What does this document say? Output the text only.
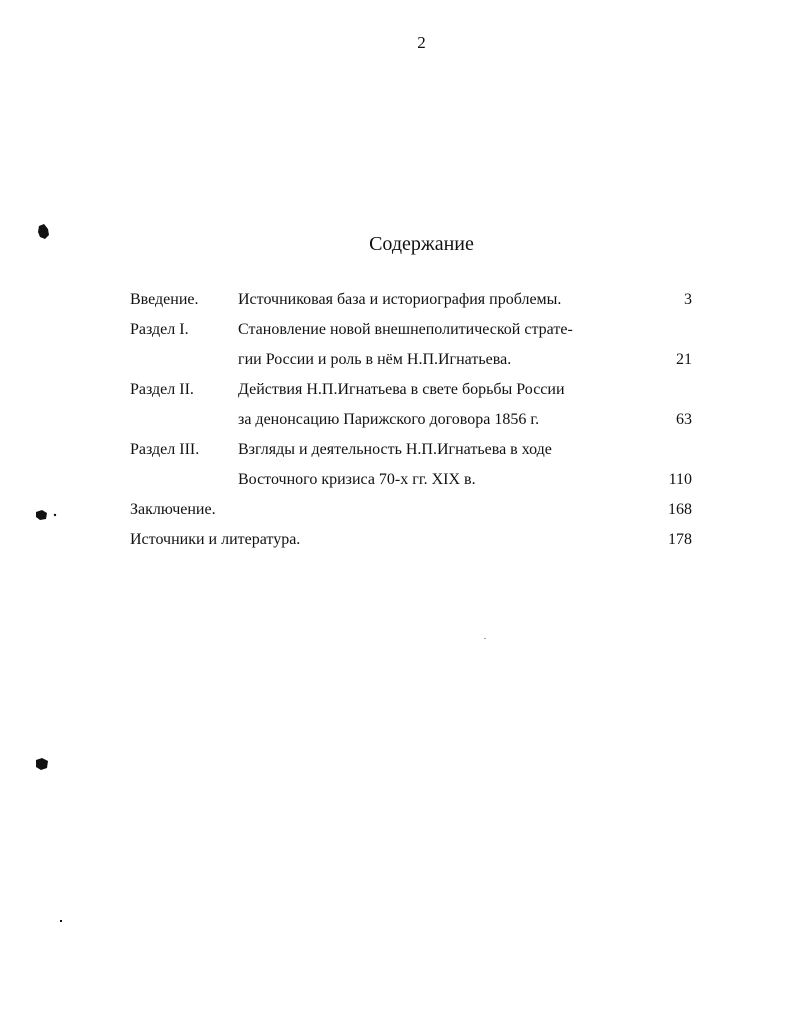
2
Содержание
Введение. Источниковая база и историография проблемы.	3
Раздел I.	Становление новой внешнеполитической страте-
гии России и роль в нём Н.П.Игнатьева.	21
Раздел II.	Действия Н.П.Игнатьева в свете борьбы России
за денонсацию Парижского договора 1856 г.	63
Раздел III. Взгляды и деятельность Н.П.Игнатьева в ходе
Восточного кризиса 70-х гг. XIX в.	110
Заключение.	168
Источники и литература.	178
